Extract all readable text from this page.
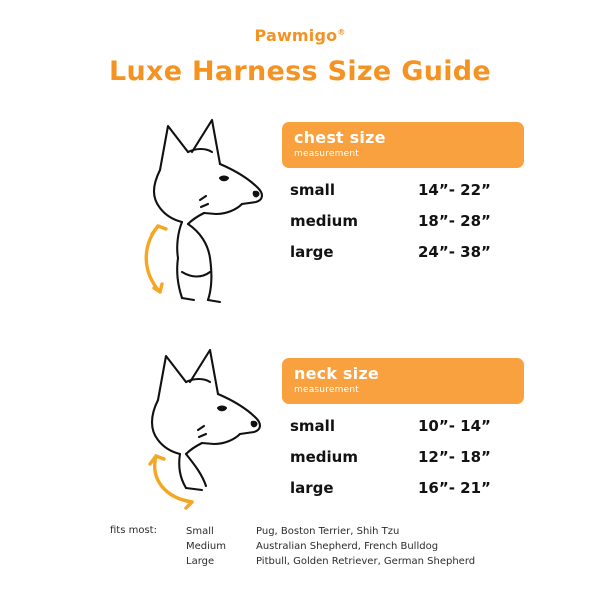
Pawmigo®
Luxe Harness Size Guide
chest size
measurement
small	14”- 22”
medium	18”- 28”
large	24”- 38”
neck size
measurement
small	10”- 14”
medium	12”- 18”
large	16”- 21”
fits most:	Small	Pug, Boston Terrier, Shih Tzu
Medium	Australian Shepherd, French Bulldog
Large	Pitbull, Golden Retriever, German Shepherd
